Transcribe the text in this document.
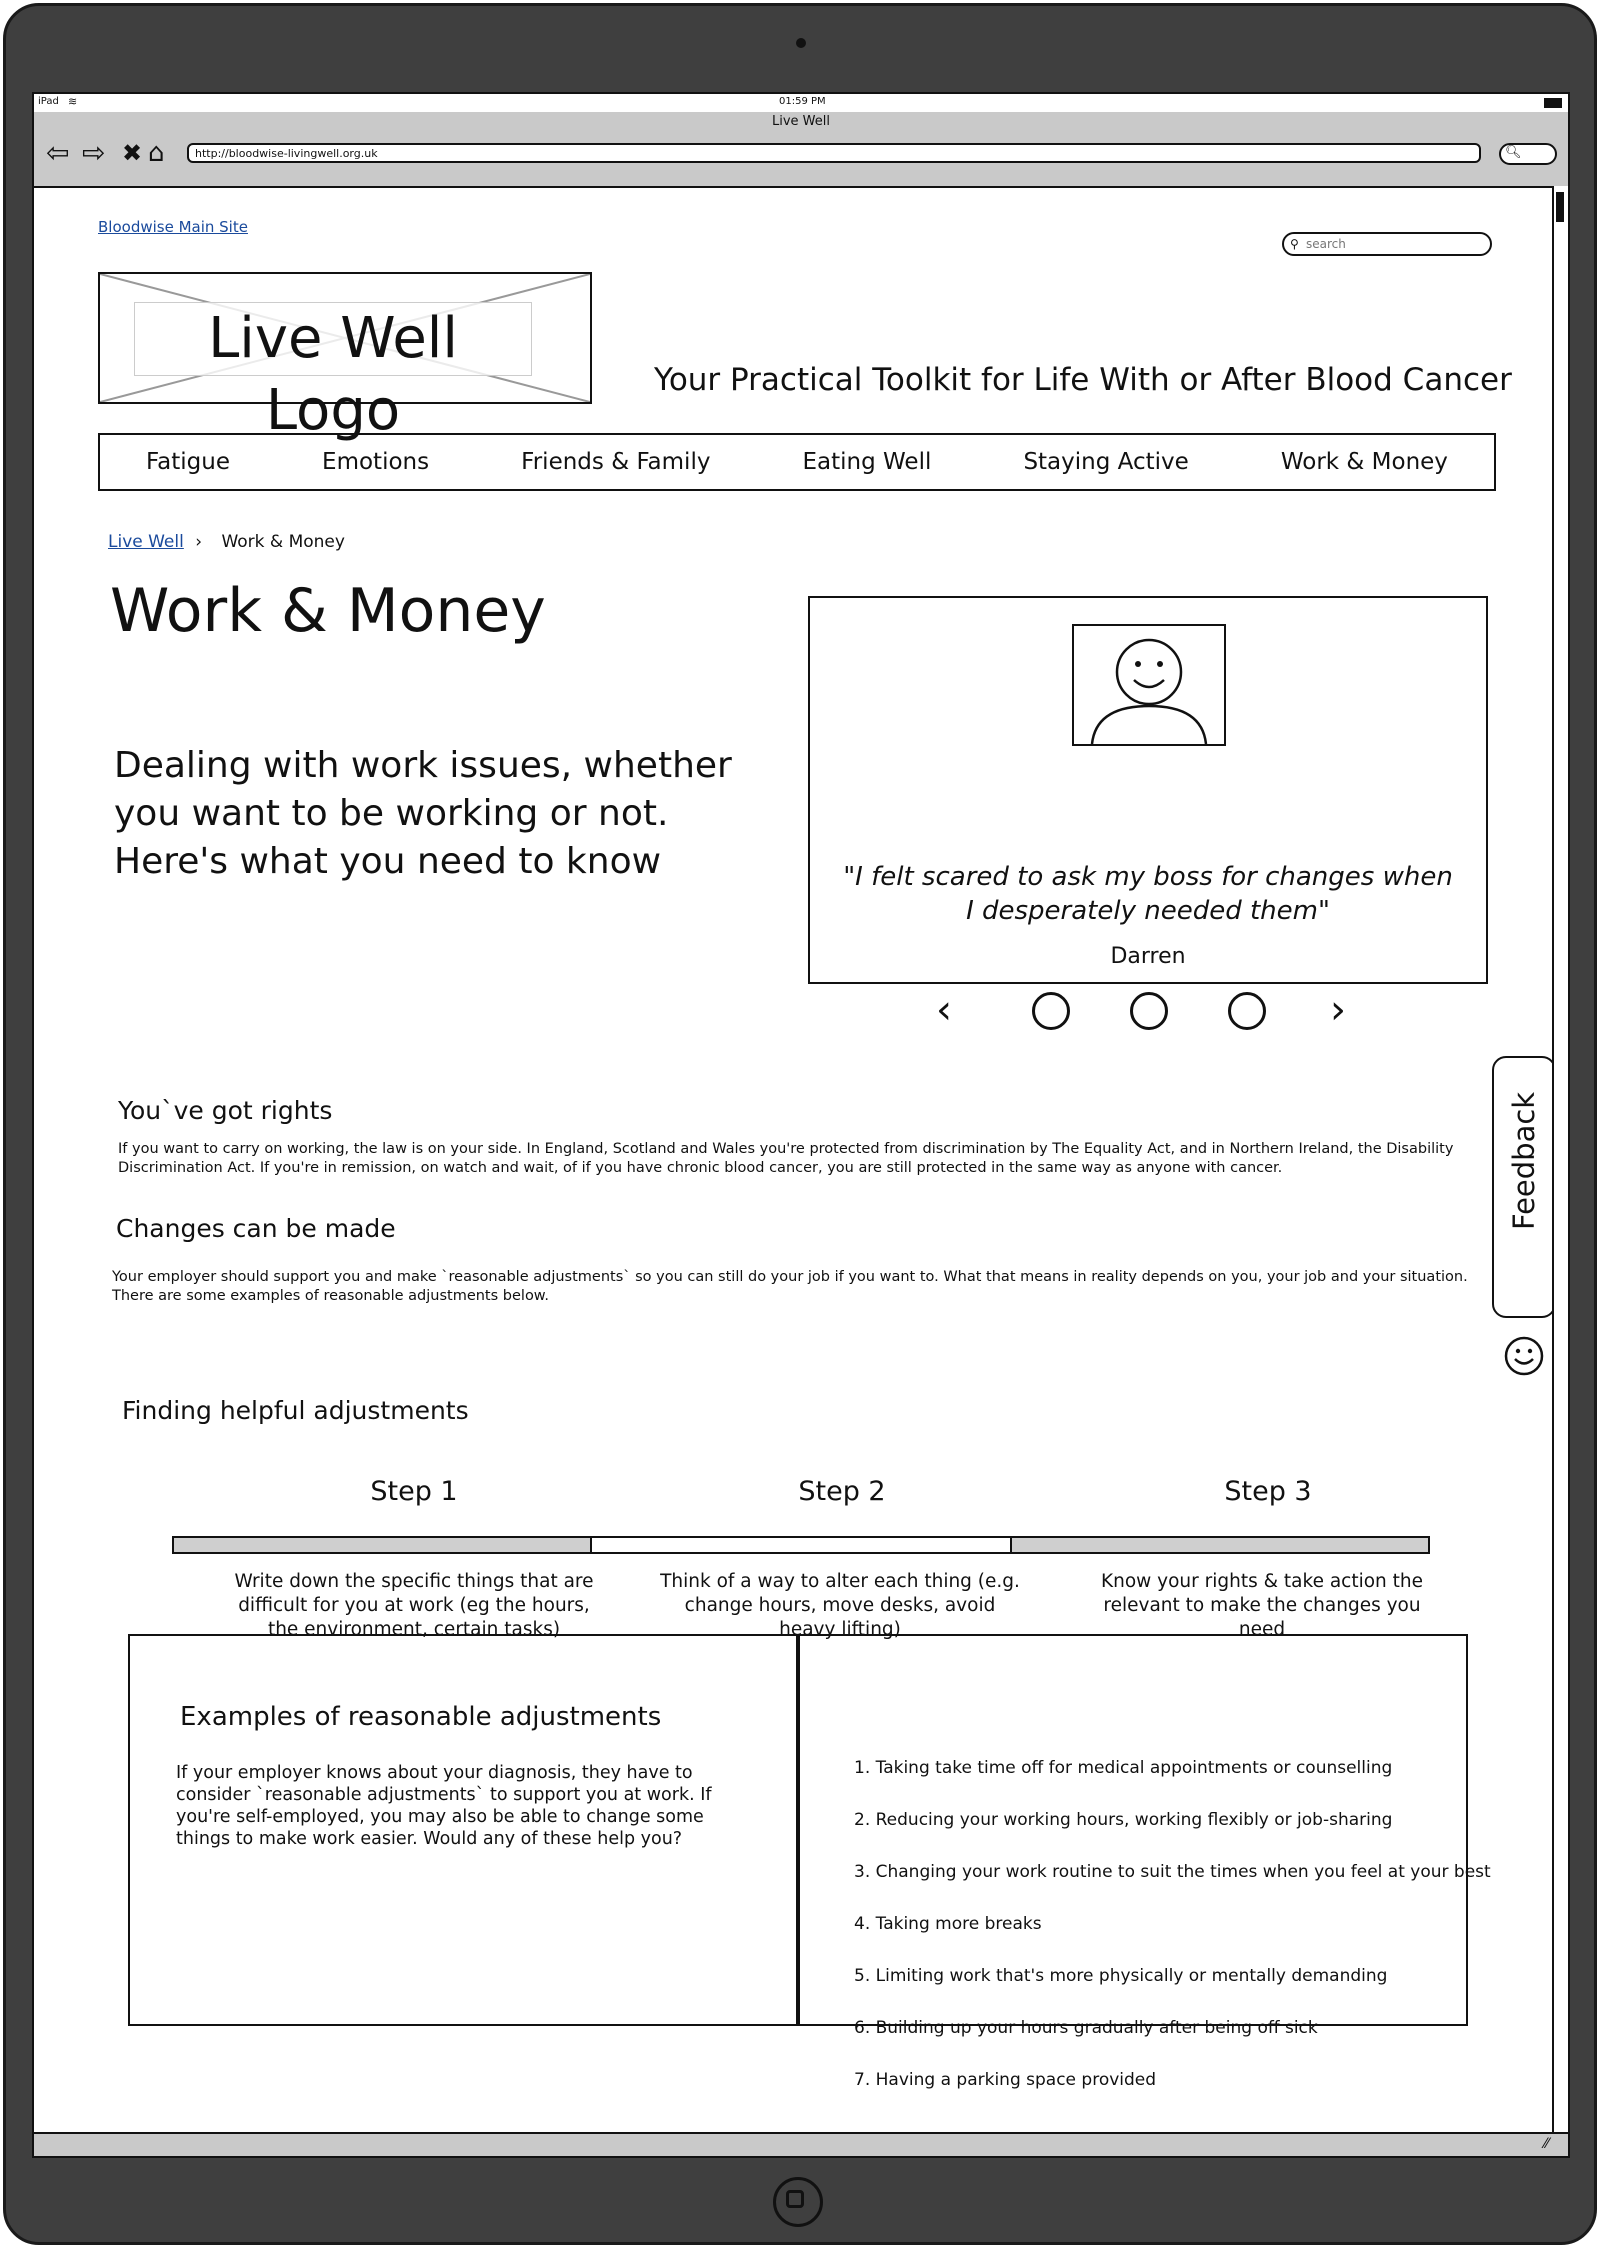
iPad ≋	01:59 PM
Live Well
⇦ ⇨ ✖ ⌂	http://bloodwise-livingwell.org.uk	🔍︎
Bloodwise Main Site
⚲ search
Live Well Logo	Your Practical Toolkit for Life With or After Blood Cancer
Fatigue	Emotions	Friends & Family	Eating Well	Staying Active	Work & Money
Live Well › Work & Money
Work & Money
Dealing with work issues, whether you want to be working or not. Here's what you need to know	"I felt scared to ask my boss for changes when I desperately needed them"
Darren
‹	›
You`ve got rights
If you want to carry on working, the law is on your side. In England, Scotland and Wales you're protected from discrimination by The Equality Act, and in Northern Ireland, the Disability Discrimination Act. If you're in remission, on watch and wait, of if you have chronic blood cancer, you are still protected in the same way as anyone with cancer.
Changes can be made
Your employer should support you and make `reasonable adjustments` so you can still do your job if you want to. What that means in reality depends on you, your job and your situation. There are some examples of reasonable adjustments below.
Finding helpful adjustments
Step 1	Step 2	Step 3
Write down the specific things that are difficult for you at work (eg the hours, the environment, certain tasks)
Think of a way to alter each thing (e.g. change hours, move desks, avoid heavy lifting)
Know your rights & take action the relevant to make the changes you need
Examples of reasonable adjustments
If your employer knows about your diagnosis, they have to consider `reasonable adjustments` to support you at work. If you're self-employed, you may also be able to change some things to make work easier. Would any of these help you?
1. Taking take time off for medical appointments or counselling
2. Reducing your working hours, working flexibly or job-sharing
3. Changing your work routine to suit the times when you feel at your best
4. Taking more breaks
5. Limiting work that's more physically or mentally demanding
6. Building up your hours gradually after being off sick
7. Having a parking space provided
Feedback
⁄⁄
